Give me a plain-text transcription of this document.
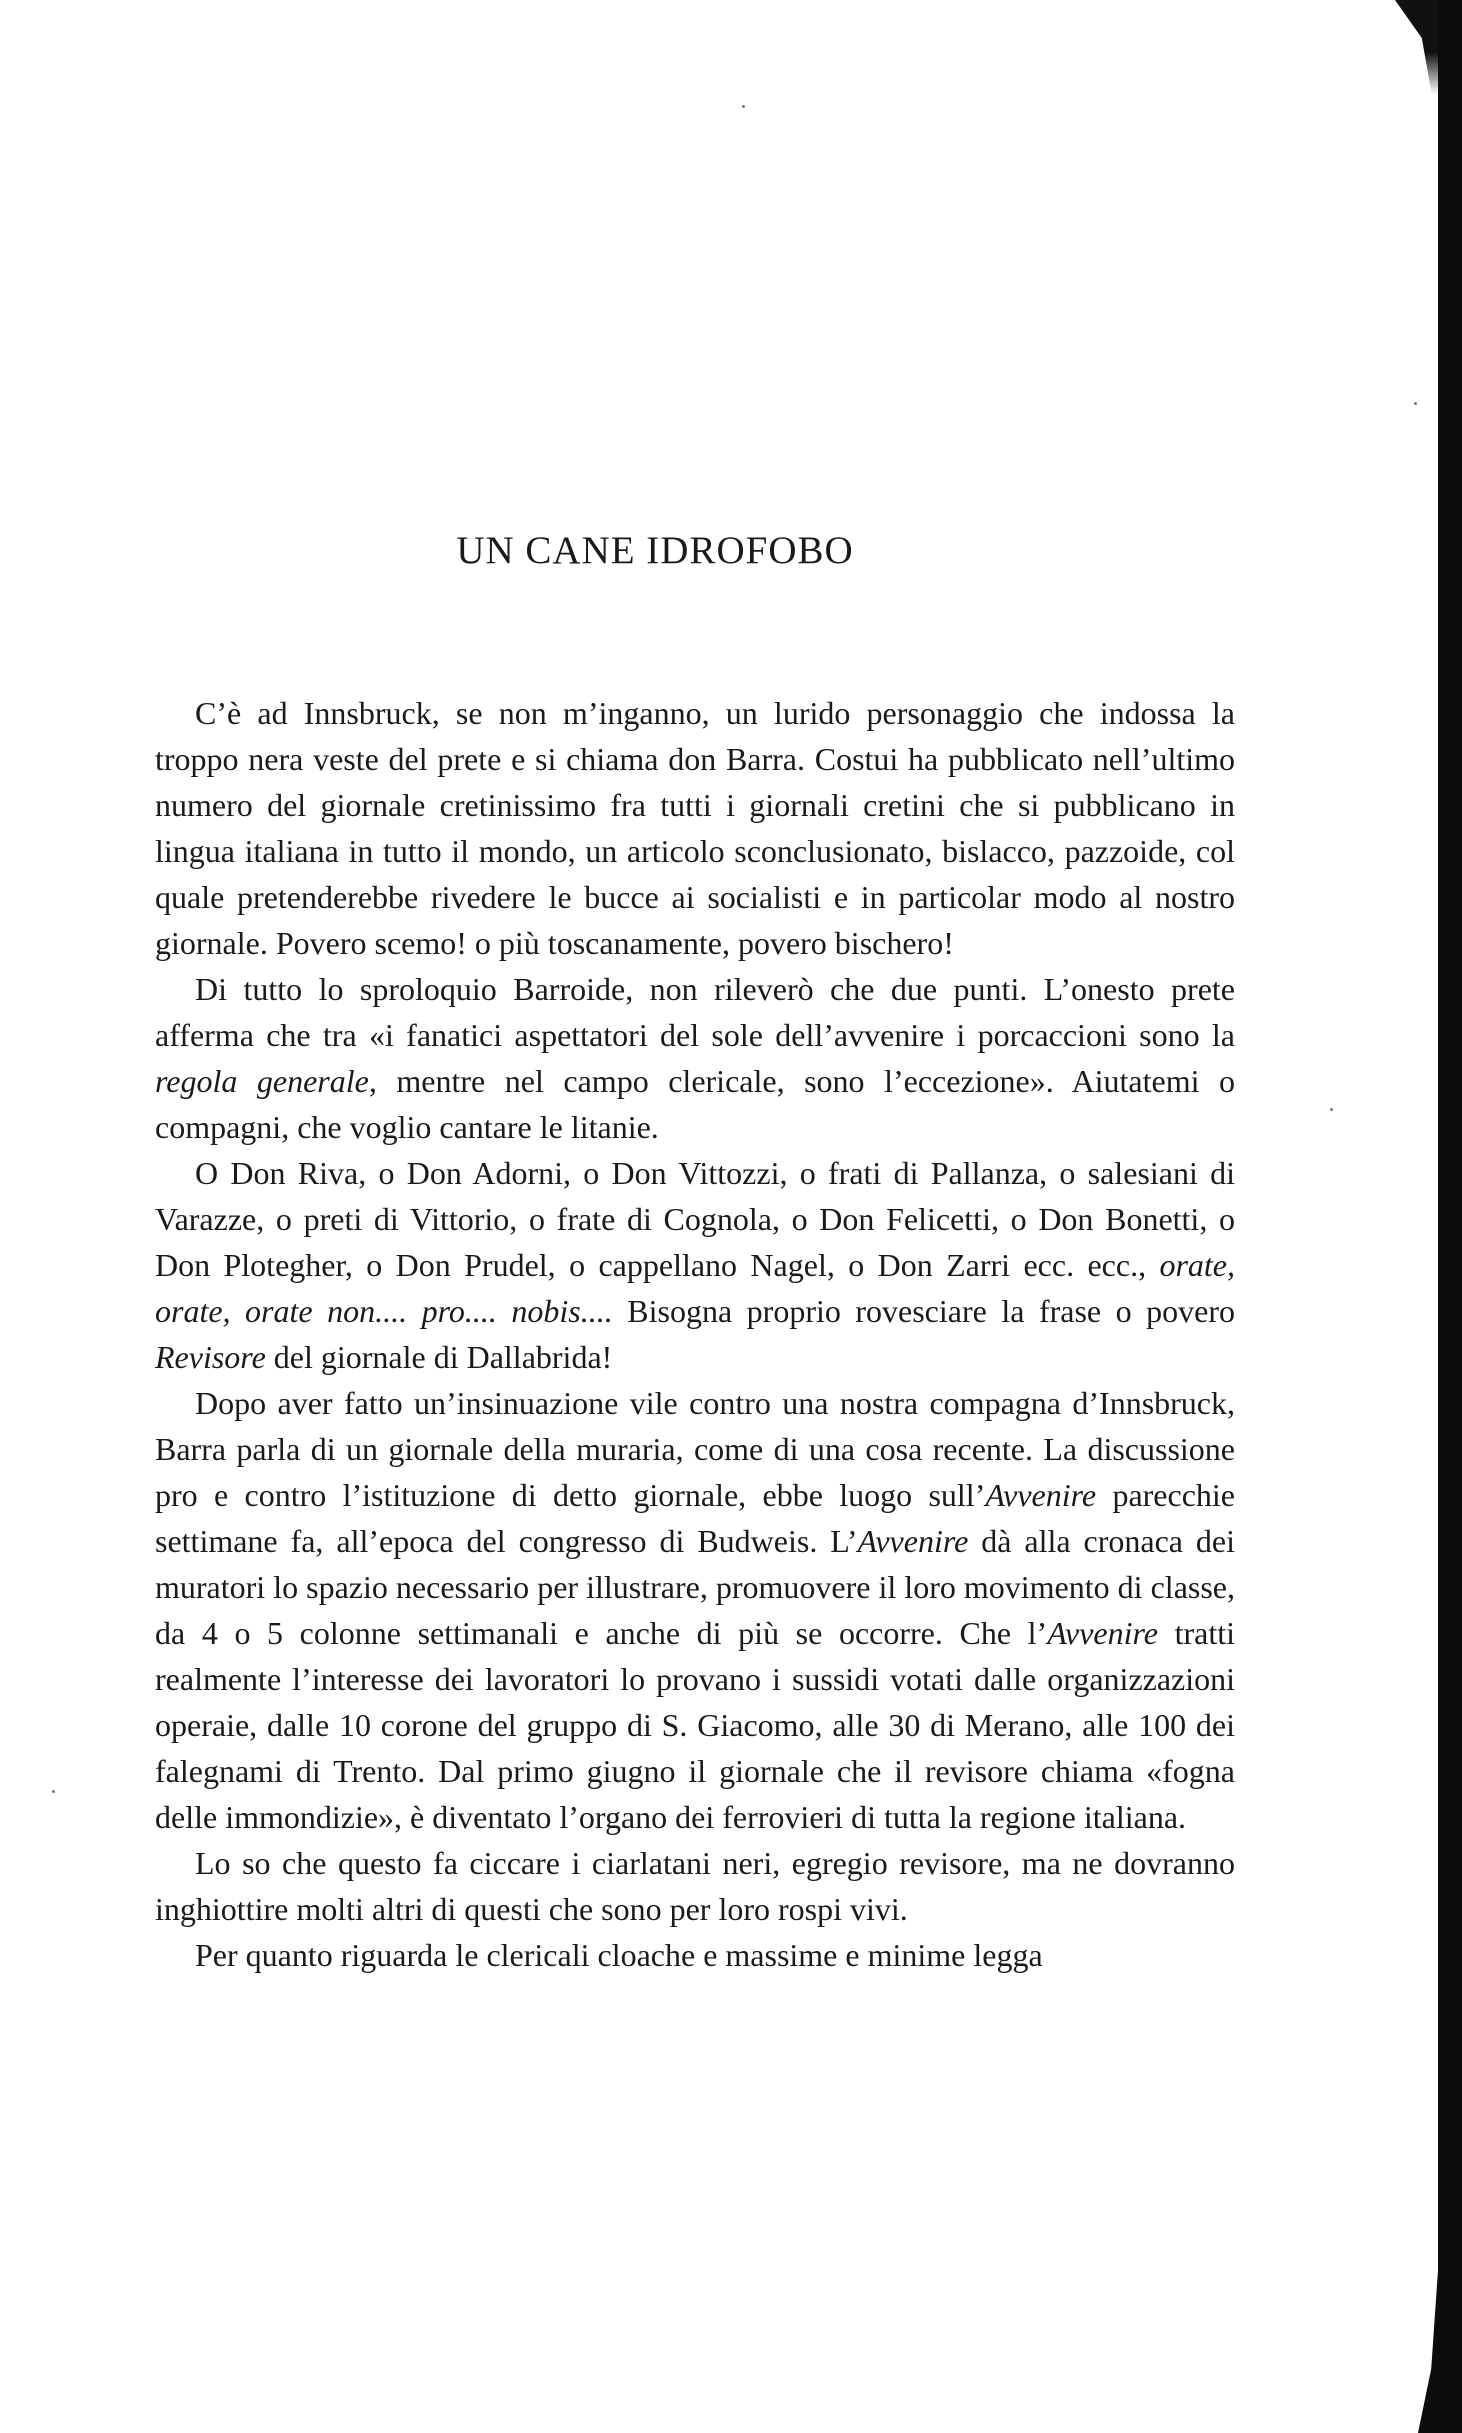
UN CANE IDROFOBO

C’è ad Innsbruck, se non m’inganno, un lurido personaggio che indossa la troppo nera veste del prete e si chiama don Barra. Costui ha pubblicato nell’ultimo numero del giornale cretinissimo fra tutti i giornali cretini che si pubblicano in lingua italiana in tutto il mondo, un articolo sconclusionato, bislacco, pazzoide, col quale pretenderebbe rivedere le bucce ai socialisti e in particolar modo al nostro giornale. Povero scemo! o più toscanamente, povero bischero!

Di tutto lo sproloquio Barroide, non rileverò che due punti. L’onesto prete afferma che tra «i fanatici aspettatori del sole dell’avvenire i porcaccioni sono la regola generale, mentre nel campo clericale, sono l’eccezione». Aiutatemi o compagni, che voglio cantare le litanie.

O Don Riva, o Don Adorni, o Don Vittozzi, o frati di Pallanza, o salesiani di Varazze, o preti di Vittorio, o frate di Cognola, o Don Felicetti, o Don Bonetti, o Don Plotegher, o Don Prudel, o cappellano Nagel, o Don Zarri ecc. ecc., orate, orate, orate non.... pro.... nobis.... Bisogna proprio rovesciare la frase o povero Revisore del giornale di Dallabrida!

Dopo aver fatto un’insinuazione vile contro una nostra compagna d’Innsbruck, Barra parla di un giornale della muraria, come di una cosa recente. La discussione pro e contro l’istituzione di detto giornale, ebbe luogo sull’Avvenire parecchie settimane fa, all’epoca del congresso di Budweis. L’Avvenire dà alla cronaca dei muratori lo spazio necessario per illustrare, promuovere il loro movimento di classe, da 4 o 5 colonne settimanali e anche di più se occorre. Che l’Avvenire tratti realmente l’interesse dei lavoratori lo provano i sussidi votati dalle organizzazioni operaie, dalle 10 corone del gruppo di S. Giacomo, alle 30 di Merano, alle 100 dei falegnami di Trento. Dal primo giugno il giornale che il revisore chiama «fogna delle immondizie», è diventato l’organo dei ferrovieri di tutta la regione italiana.

Lo so che questo fa ciccare i ciarlatani neri, egregio revisore, ma ne dovranno inghiottire molti altri di questi che sono per loro rospi vivi.

Per quanto riguarda le clericali cloache e massime e minime legga
